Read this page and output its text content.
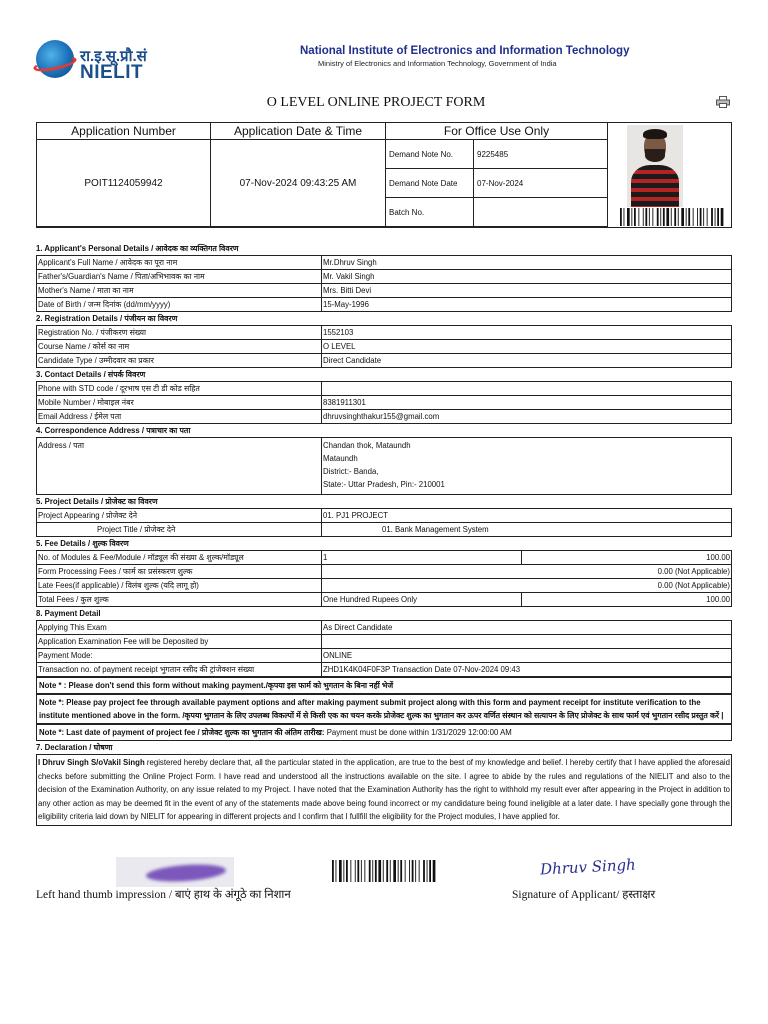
रा.इ.सू.प्रौ.सं
NIELIT
National Institute of Electronics and Information Technology
Ministry of Electronics and Information Technology, Government of India
O LEVEL ONLINE PROJECT FORM
Application Number	Application Date & Time	For Office Use Only
POIT1124059942	07-Nov-2024 09:43:25 AM
Demand Note No.	9225485
Demand Note Date	07-Nov-2024
Batch No.
1. Applicant's Personal Details / आवेदक का व्यक्तिगत विवरण
Applicant's Full Name / आवेदक का पूरा नाम	Mr.Dhruv Singh
Father's/Guardian's Name / पिता/अभिभावक का नाम	Mr. Vakil Singh
Mother's Name / माता का नाम	Mrs. Bitti Devi
Date of Birth / जन्म दिनांक (dd/mm/yyyy)	15-May-1996
2. Registration Details / पंजीयन का विवरण
Registration No. / पंजीकरण संख्या	1552103
Course Name / कोर्स का नाम	O LEVEL
Candidate Type / उम्मीदवार का प्रकार	Direct Candidate
3. Contact Details / संपर्क विवरण
Phone with STD code / दूरभाष एस टी डी कोड सहित	
Mobile Number / मोबाइल नंबर	8381911301
Email Address / ईमेल पता	dhruvsinghthakur155@gmail.com
4. Correspondence Address / पत्राचार का पता
Address / पता	Chandan thok, Mataundh
Mataundh
District:- Banda,
State:- Uttar Pradesh, Pin:- 210001
5. Project Details / प्रोजेक्ट का विवरण
Project Appearing / प्रोजेक्ट देने	01. PJ1 PROJECT
Project Title / प्रोजेक्ट देने	01. Bank Management System
5. Fee Details / शुल्क विवरण
No. of Modules & Fee/Module / मॉड्यूल की संख्या & शुल्क/मॉड्यूल	1	100.00
Form Processing Fees / फार्म का प्रसंस्करण शुल्क	0.00 (Not Applicable)	
Late Fees(if applicable) / विलंब शुल्क (यदि लागू हो)	0.00 (Not Applicable)	
Total Fees / कुल शुल्क	One Hundred Rupees Only	100.00
8. Payment Detail
Applying This Exam	As Direct Candidate
Application Examination Fee will be Deposited by	
Payment Mode:	ONLINE
Transaction no. of payment receipt भुगतान रसीद की ट्रांजेक्शन संख्या	ZHD1K4K04F0F3P Transaction Date 07-Nov-2024 09:43
Note * : Please don't send this form without making payment./कृपया इस फार्म को भुगतान के बिना नहीं भेजें
Note *: Please pay project fee through available payment options and after making payment submit project along with this form and payment receipt for institute verification to the institute mentioned above in the form. /कृपया भुगतान के लिए उपलब्ध विकल्पों में से किसी एक का चयन करके प्रोजेक्ट शुल्क का भुगतान कर ऊपर वर्णित संस्थान को सत्यापन के लिए प्रोजेक्ट के साथ फार्म एवं भुगतान रसीद प्रस्तुत करें |
Note *: Last date of payment of project fee / प्रोजेक्ट शुल्क का भुगतान की अंतिम तारीख: Payment must be done within 1/31/2029 12:00:00 AM
7. Declaration / घोषणा
I Dhruv Singh S/oVakil Singh registered hereby declare that, all the particular stated in the application, are true to the best of my knowledge and belief. I hereby certify that I have applied the aforesaid checks before submitting the Online Project Form. I have read and understood all the instructions available on the site. I agree to abide by the rules and regulations of the NIELIT and also to the decision of the Examination Authority, on any issue related to my Project. I have noted that the Examination Authority has the right to withhold my result ever after appearing in the Project in addition to any other action as may be deemed fit in the event of any of the statements made above being found incorrect or my candidature being found ineligible at a later date. I have specially gone through the eligibility criteria laid down by NIELIT for appearing in different projects and I confirm that I fullfill the eligibility for the Project modules, I have applied for.
Dhruv Singh
Left hand thumb impression / बाएं हाथ के अंगूठे का निशान	Signature of Applicant/ हस्ताक्षर
